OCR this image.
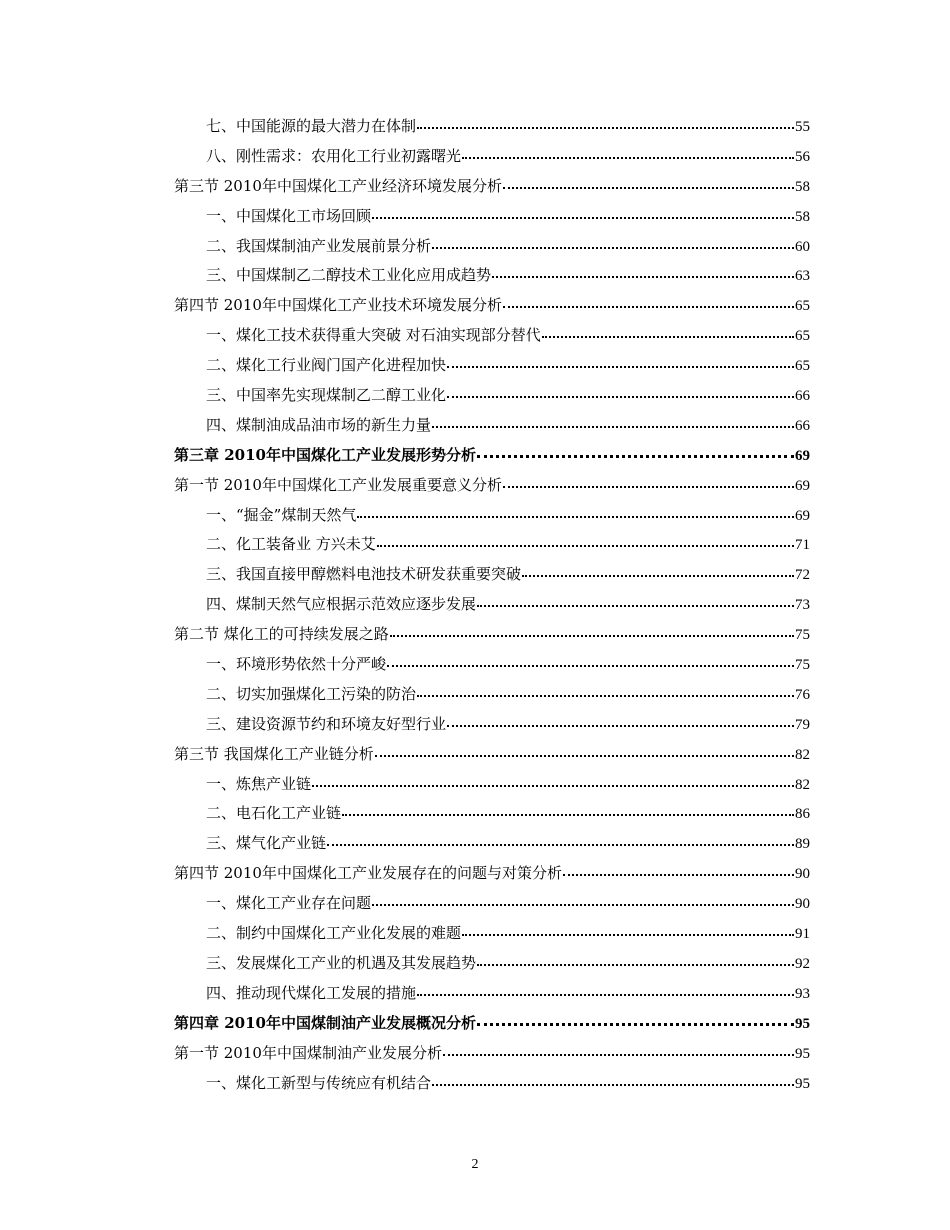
七、中国能源的最大潜力在体制	55
八、刚性需求：农用化工行业初露曙光	56
第三节 2010年中国煤化工产业经济环境发展分析	58
一、中国煤化工市场回顾	58
二、我国煤制油产业发展前景分析	60
三、中国煤制乙二醇技术工业化应用成趋势	63
第四节 2010年中国煤化工产业技术环境发展分析	65
一、煤化工技术获得重大突破 对石油实现部分替代	65
二、煤化工行业阀门国产化进程加快	65
三、中国率先实现煤制乙二醇工业化	66
四、煤制油成品油市场的新生力量	66
第三章 2010年中国煤化工产业发展形势分析	69
第一节 2010年中国煤化工产业发展重要意义分析	69
一、“掘金”煤制天然气	69
二、化工装备业 方兴未艾	71
三、我国直接甲醇燃料电池技术研发获重要突破	72
四、煤制天然气应根据示范效应逐步发展	73
第二节 煤化工的可持续发展之路	75
一、环境形势依然十分严峻	75
二、切实加强煤化工污染的防治	76
三、建设资源节约和环境友好型行业	79
第三节 我国煤化工产业链分析	82
一、炼焦产业链	82
二、电石化工产业链	86
三、煤气化产业链	89
第四节 2010年中国煤化工产业发展存在的问题与对策分析	90
一、煤化工产业存在问题	90
二、制约中国煤化工产业化发展的难题	91
三、发展煤化工产业的机遇及其发展趋势	92
四、推动现代煤化工发展的措施	93
第四章 2010年中国煤制油产业发展概况分析	95
第一节 2010年中国煤制油产业发展分析	95
一、煤化工新型与传统应有机结合	95
2
